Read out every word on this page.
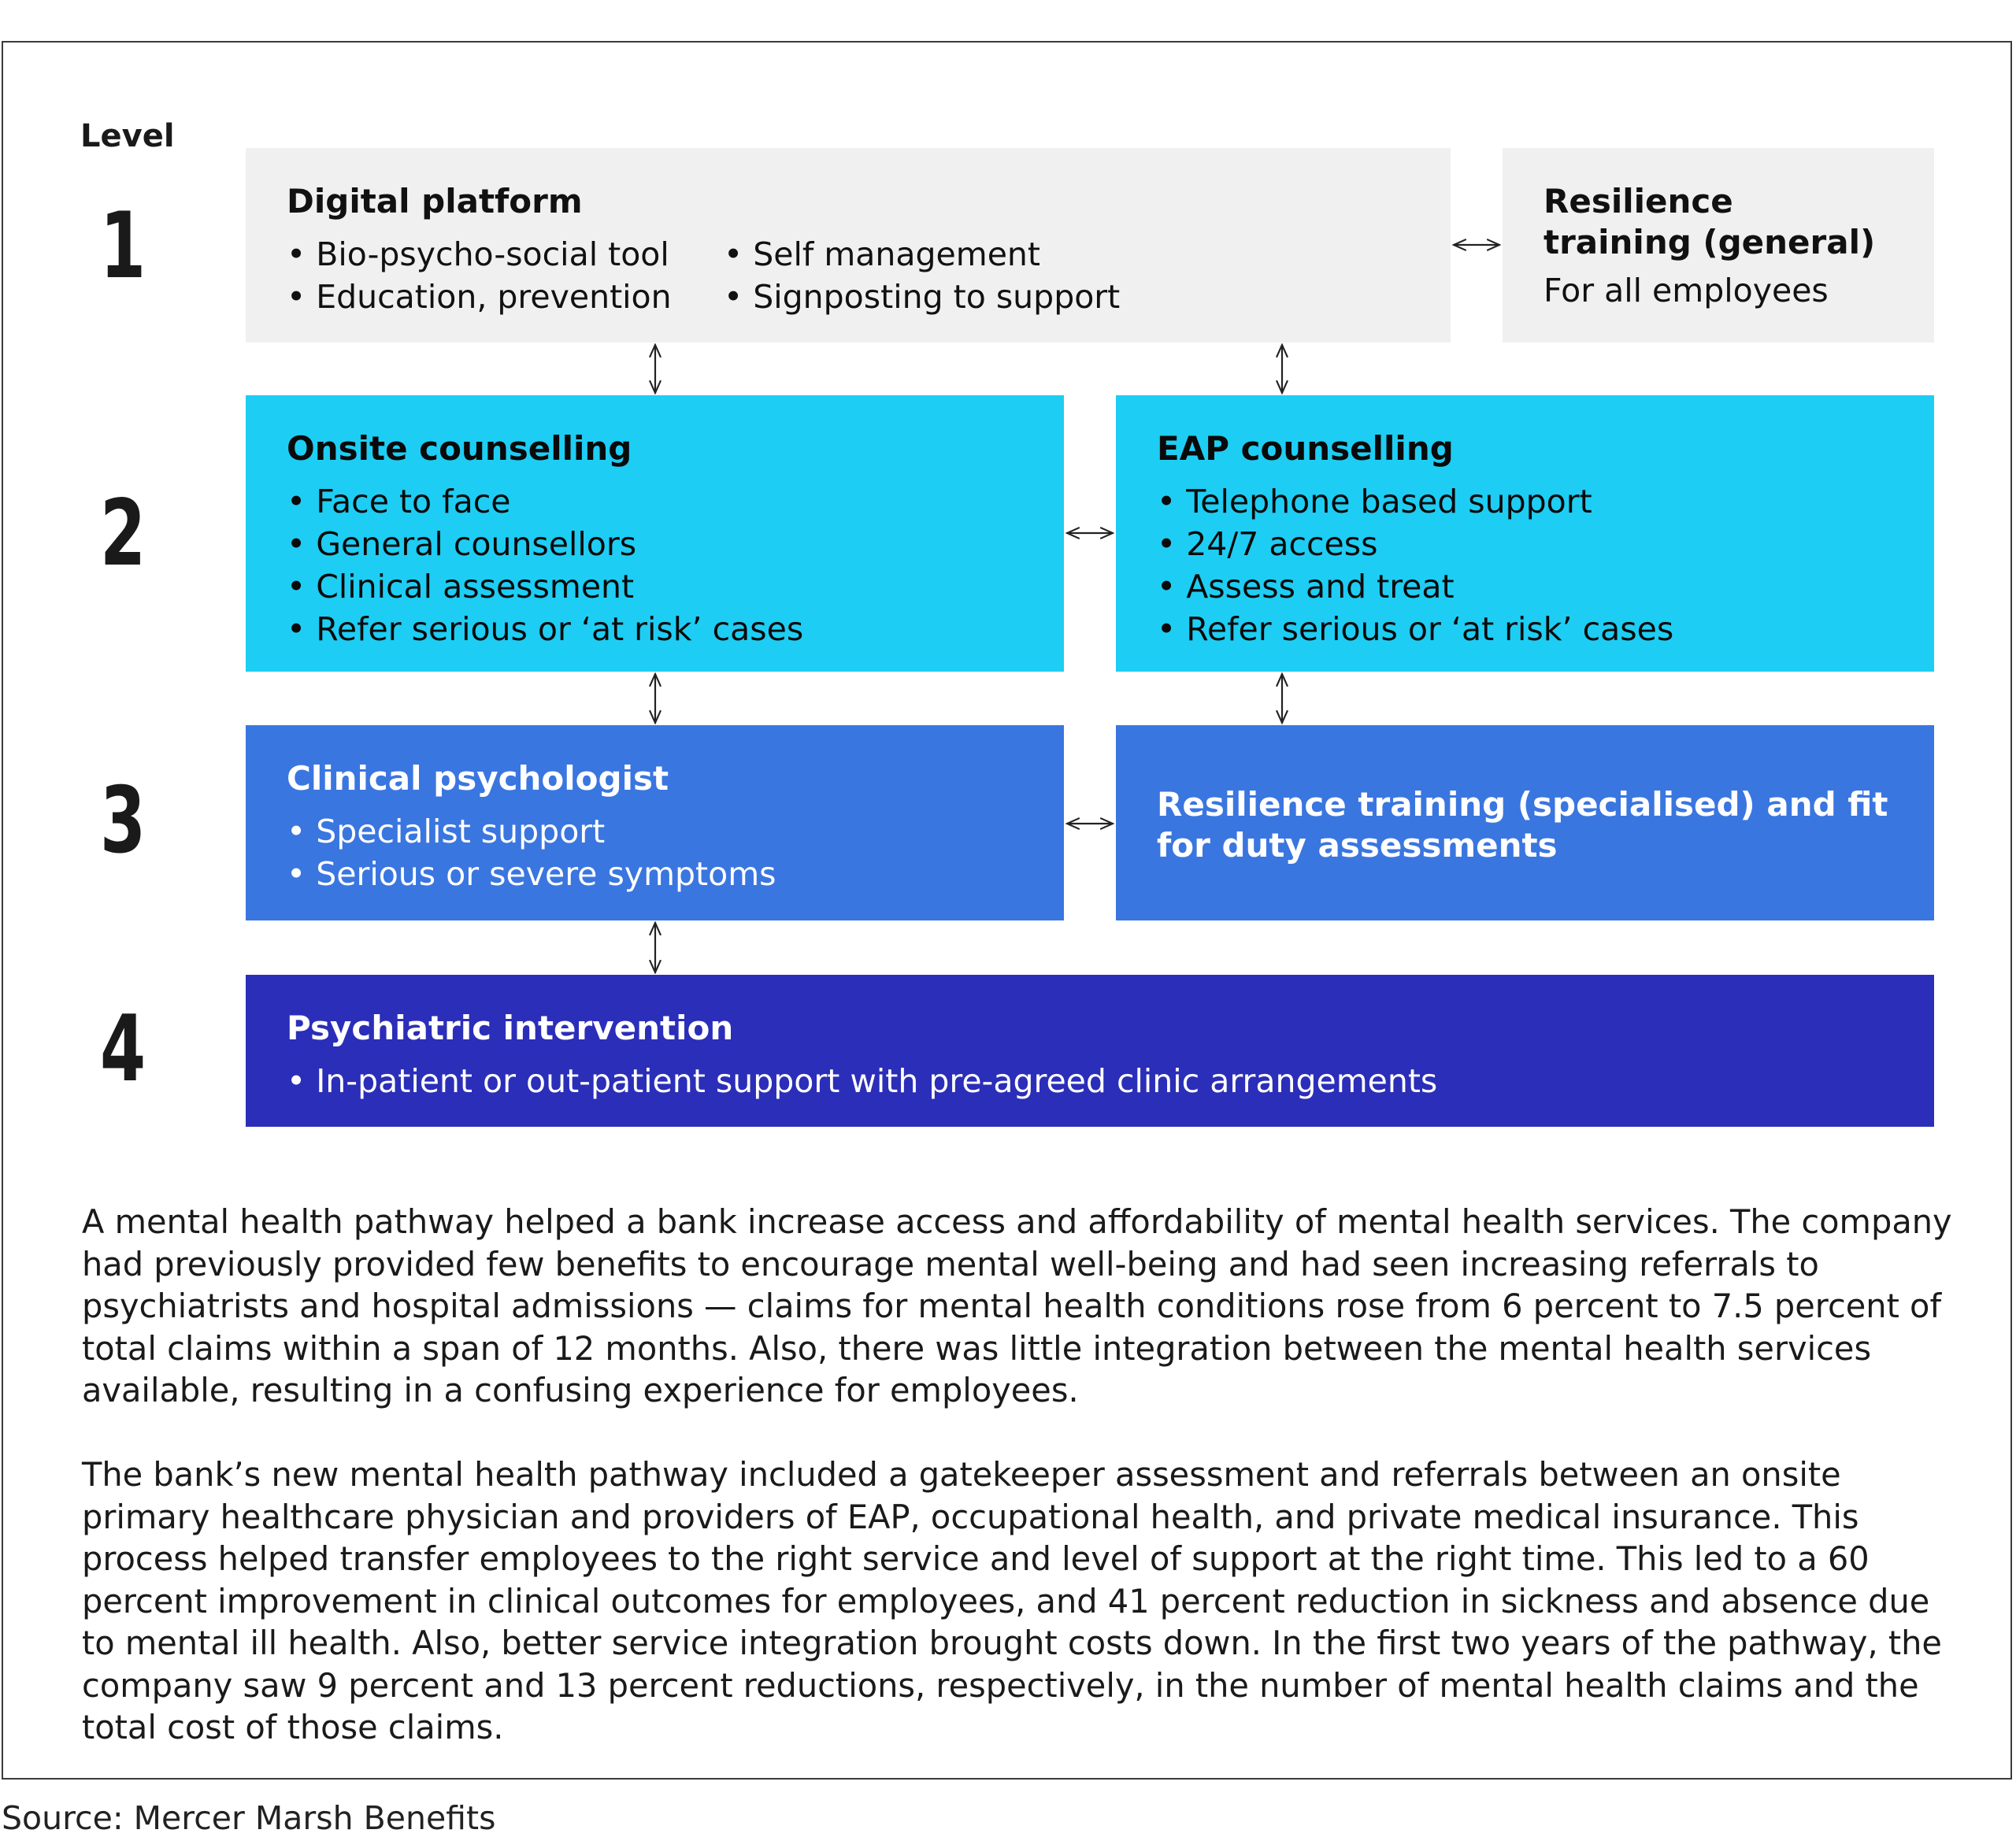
Level
1
2
3
4
Digital platform
• Bio-psycho-social tool
• Education, prevention
• Self management
• Signposting to support
Resilience
training (general)
For all employees
Onsite counselling
• Face to face
• General counsellors
• Clinical assessment
• Refer serious or ‘at risk’ cases
EAP counselling
• Telephone based support
• 24/7 access
• Assess and treat
• Refer serious or ‘at risk’ cases
Clinical psychologist
• Specialist support
• Serious or severe symptoms
Resilience training (specialised) and fit for duty assessments
Psychiatric intervention
• In-patient or out-patient support with pre-agreed clinic arrangements

A mental health pathway helped a bank increase access and affordability of mental health services. The company had previously provided few benefits to encourage mental well-being and had seen increasing referrals to psychiatrists and hospital admissions — claims for mental health conditions rose from 6 percent to 7.5 percent of total claims within a span of 12 months. Also, there was little integration between the mental health services available, resulting in a confusing experience for employees.

The bank’s new mental health pathway included a gatekeeper assessment and referrals between an onsite primary healthcare physician and providers of EAP, occupational health, and private medical insurance. This process helped transfer employees to the right service and level of support at the right time. This led to a 60 percent improvement in clinical outcomes for employees, and 41 percent reduction in sickness and absence due to mental ill health. Also, better service integration brought costs down. In the first two years of the pathway, the company saw 9 percent and 13 percent reductions, respectively, in the number of mental health claims and the total cost of those claims.

Source: Mercer Marsh Benefits
